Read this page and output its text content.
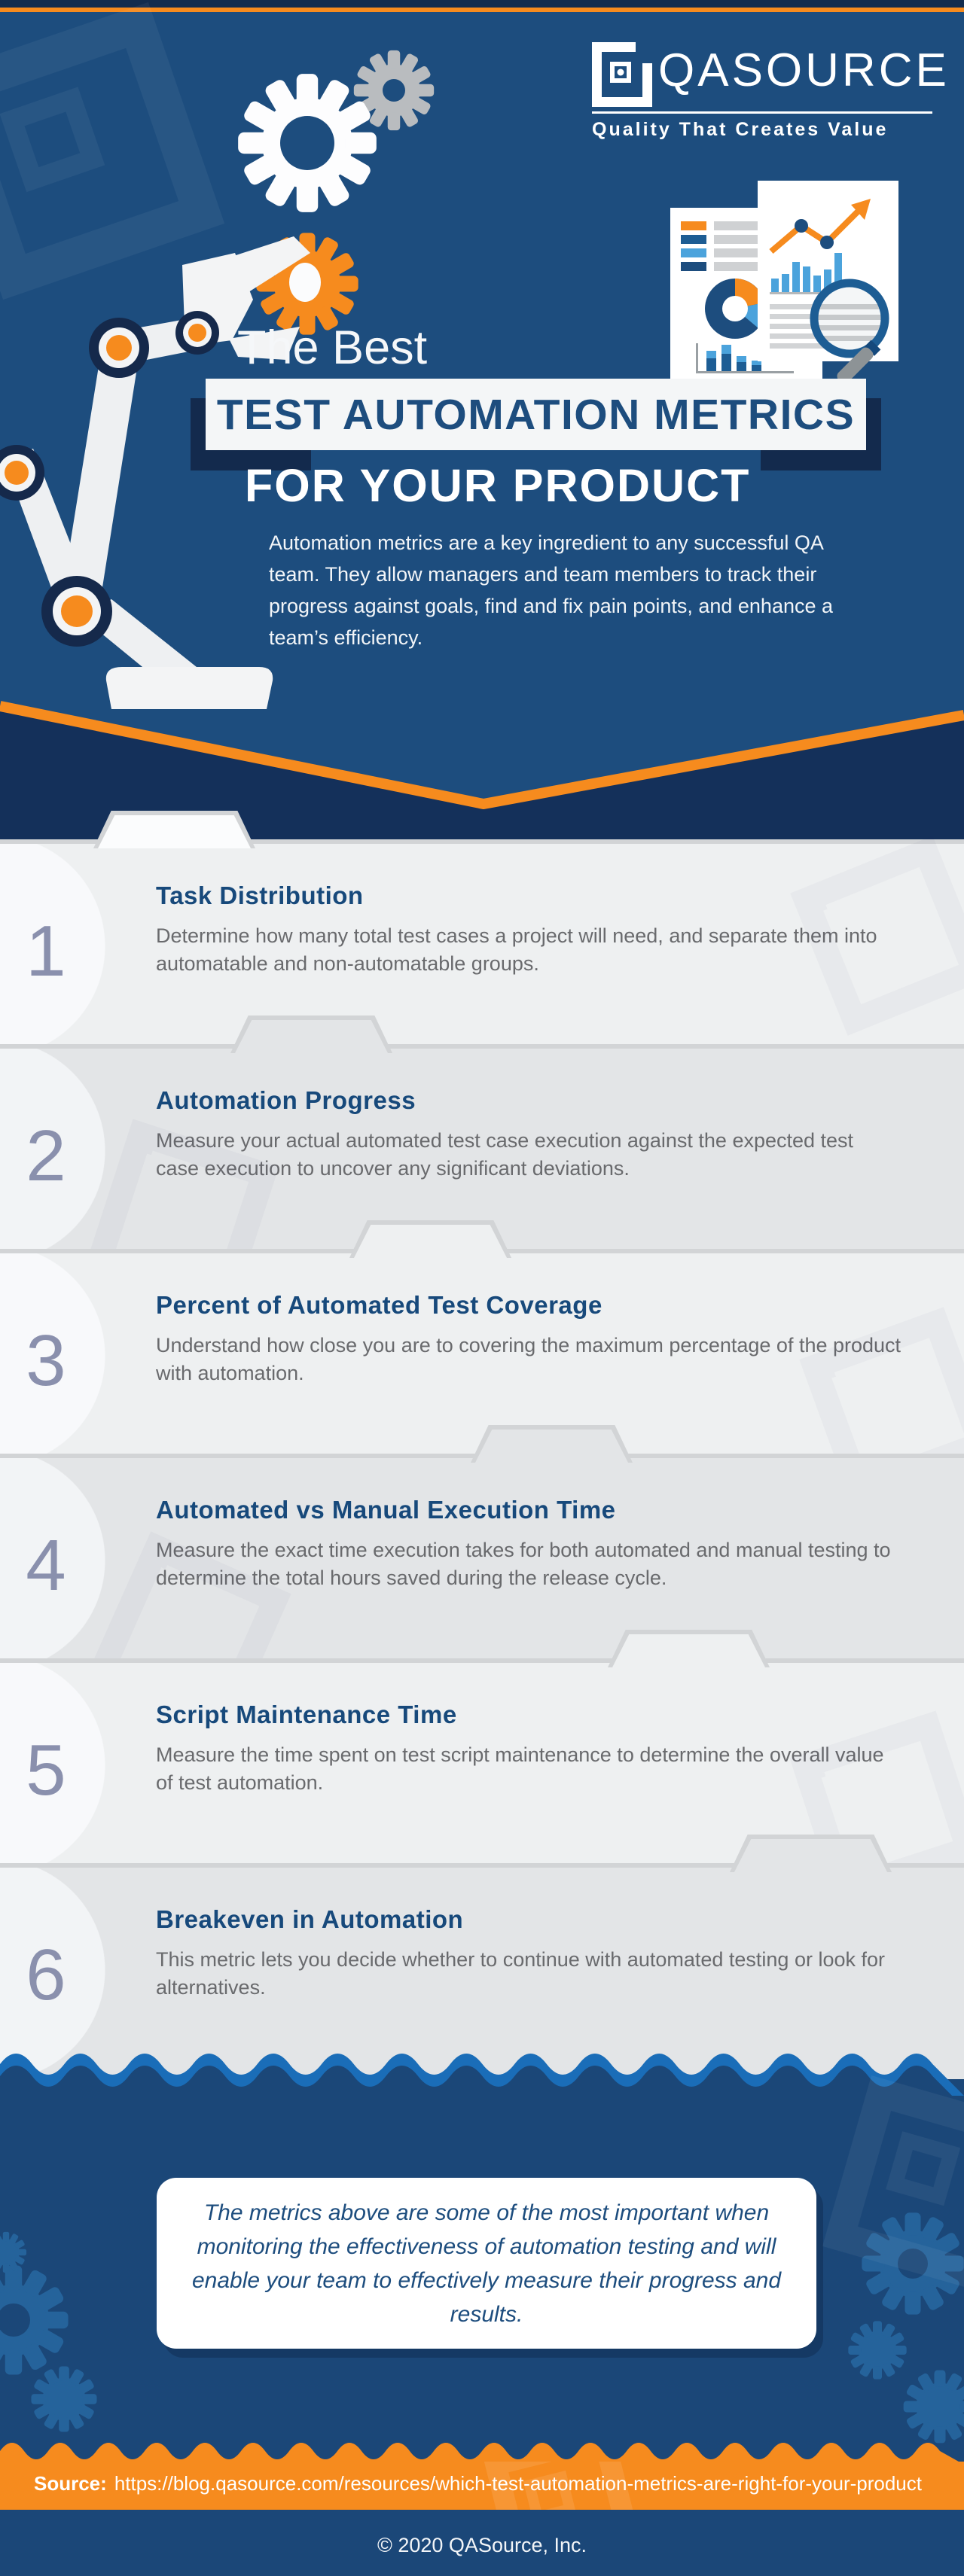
QASOURCE
Quality That Creates Value
The Best
TEST AUTOMATION METRICS
FOR YOUR PRODUCT
Automation metrics are a key ingredient to any successful QA team. They allow managers and team members to track their progress against goals, find and fix pain points, and enhance a team’s efficiency.
1
Task Distribution
Determine how many total test cases a project will need, and separate them into automatable and non-automatable groups.
2
Automation Progress
Measure your actual automated test case execution against the expected test case execution to uncover any significant deviations.
3
Percent of Automated Test Coverage
Understand how close you are to covering the maximum percentage of the product with automation.
4
Automated vs Manual Execution Time
Measure the exact time execution takes for both automated and manual testing to determine the total hours saved during the release cycle.
5
Script Maintenance Time
Measure the time spent on test script maintenance to determine the overall value of test automation.
6
Breakeven in Automation
This metric lets you decide whether to continue with automated testing or look for alternatives.
The metrics above are some of the most important when monitoring the effectiveness of automation testing and will enable your team to effectively measure their progress and results.
Source: https://blog.qasource.com/resources/which-test-automation-metrics-are-right-for-your-product
© 2020 QASource, Inc.
